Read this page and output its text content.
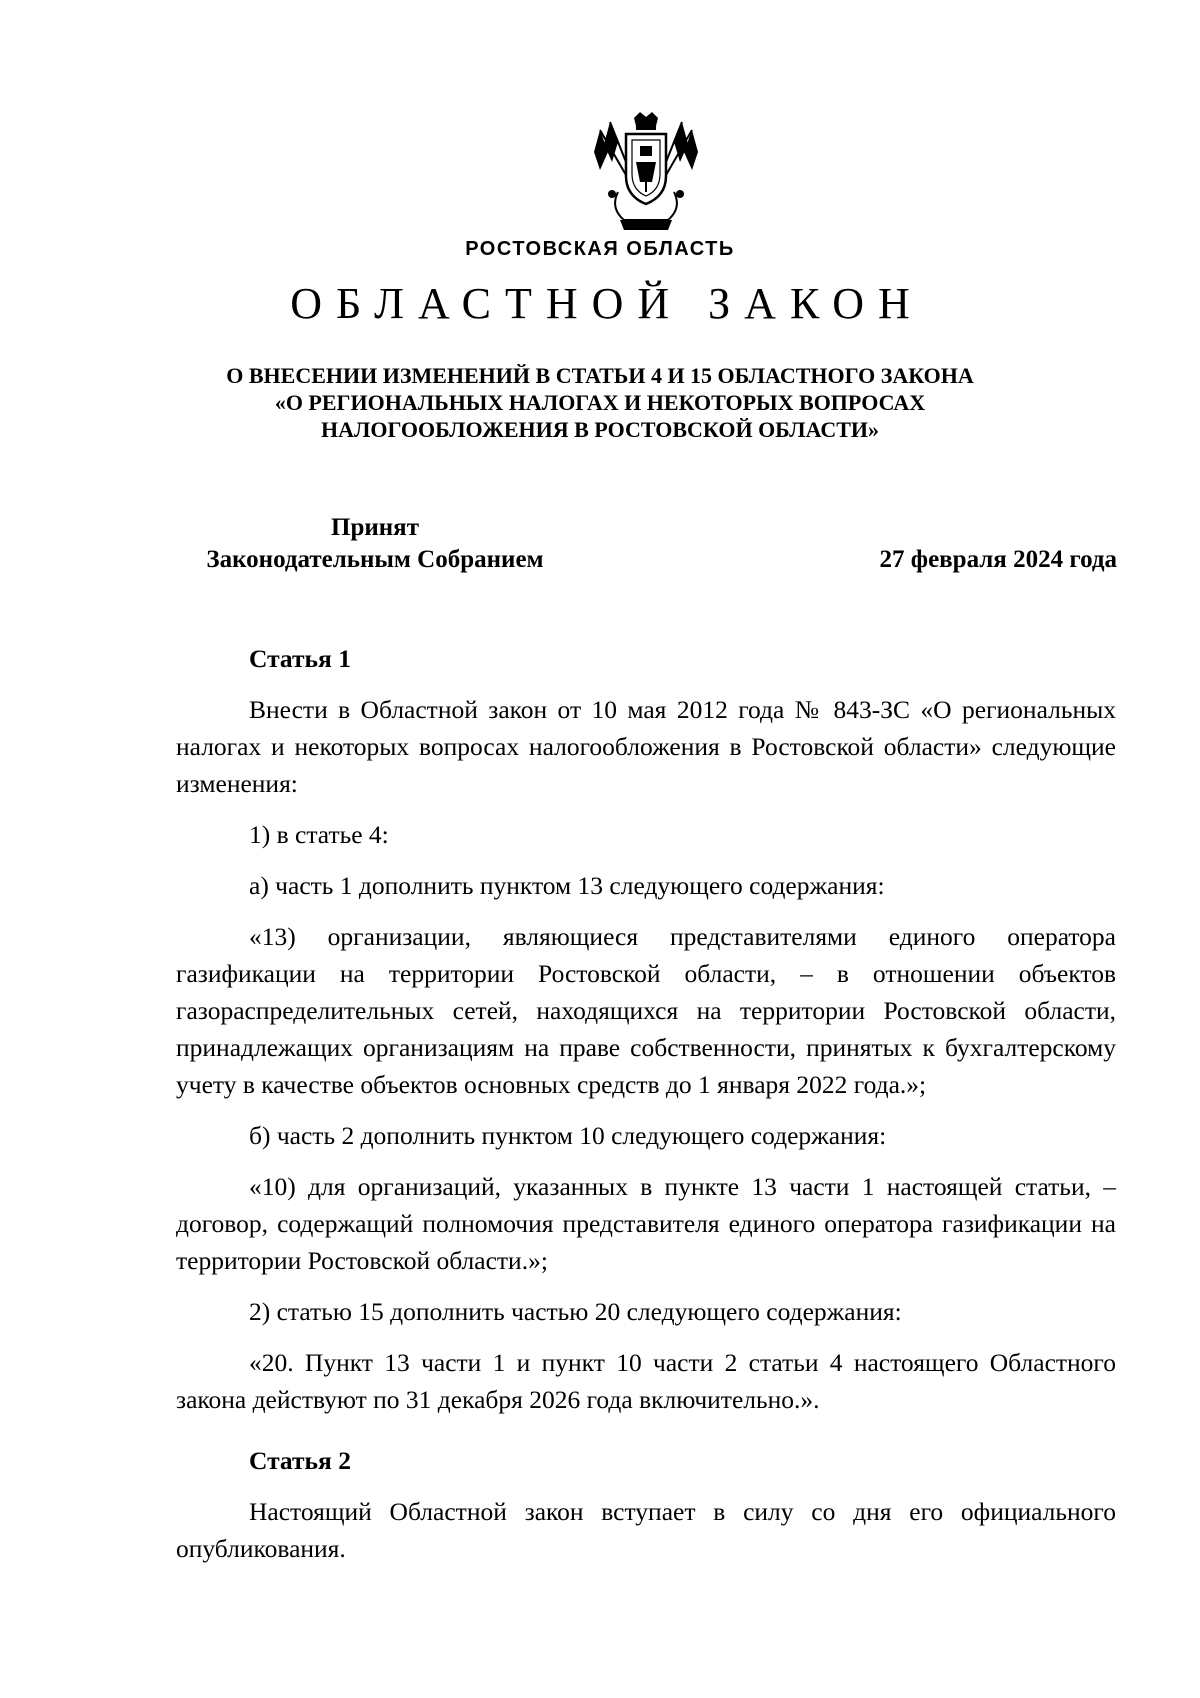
РОСТОВСКАЯ ОБЛАСТЬ
ОБЛАСТНОЙ ЗАКОН
О ВНЕСЕНИИ ИЗМЕНЕНИЙ В СТАТЬИ 4 И 15 ОБЛАСТНОГО ЗАКОНА
«О РЕГИОНАЛЬНЫХ НАЛОГАХ И НЕКОТОРЫХ ВОПРОСАХ
НАЛОГООБЛОЖЕНИЯ В РОСТОВСКОЙ ОБЛАСТИ»
Принят
Законодательным Собранием	27 февраля 2024 года
Статья 1

Внести в Областной закон от 10 мая 2012 года № 843-ЗС «О региональных налогах и некоторых вопросах налогообложения в Ростовской области» следующие изменения:

1) в статье 4:

а) часть 1 дополнить пунктом 13 следующего содержания:

«13) организации, являющиеся представителями единого оператора газификации на территории Ростовской области, – в отношении объектов газораспределительных сетей, находящихся на территории Ростовской области, принадлежащих организациям на праве собственности, принятых к бухгалтерскому учету в качестве объектов основных средств до 1 января 2022 года.»;

б) часть 2 дополнить пунктом 10 следующего содержания:

«10) для организаций, указанных в пункте 13 части 1 настоящей статьи, – договор, содержащий полномочия представителя единого оператора газификации на территории Ростовской области.»;

2) статью 15 дополнить частью 20 следующего содержания:

«20. Пункт 13 части 1 и пункт 10 части 2 статьи 4 настоящего Областного закона действуют по 31 декабря 2026 года включительно.».

Статья 2

Настоящий Областной закон вступает в силу со дня его официального опубликования.
